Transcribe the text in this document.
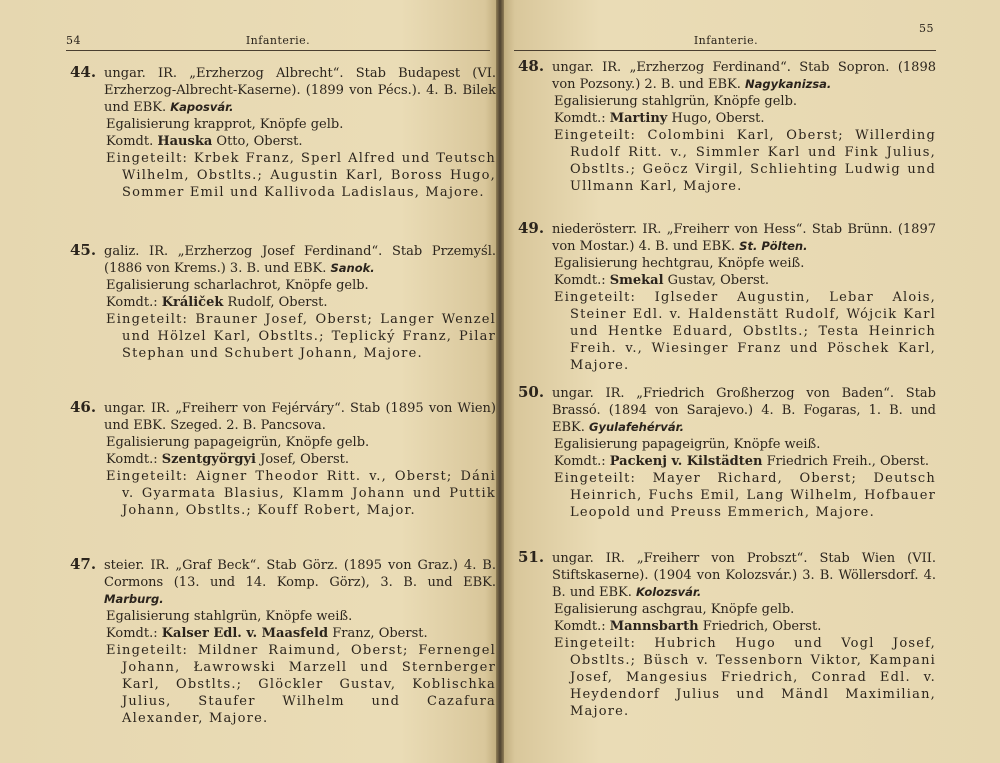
54	Infanterie.
44. ungar. IR. „Erzherzog Albrecht“. Stab Budapest (VI. Erzherzog-Albrecht-Kaserne). (1899 von Pécs.). 4. B. Bilek und EBK. Kaposvár.
Egalisierung krapprot, Knöpfe gelb.
Komdt. Hauska Otto, Oberst.
Eingeteilt: Krbek Franz, Sperl Alfred und Teutsch Wilhelm, Obstlts.; Augustin Karl, Boross Hugo, Sommer Emil und Kallivoda Ladislaus, Majore.
45. galiz. IR. „Erzherzog Josef Ferdinand“. Stab Przemyśl. (1886 von Krems.) 3. B. und EBK. Sanok.
Egalisierung scharlachrot, Knöpfe gelb.
Komdt.: Králiček Rudolf, Oberst.
Eingeteilt: Brauner Josef, Oberst; Langer Wenzel und Hölzel Karl, Obstlts.; Teplický Franz, Pilar Stephan und Schubert Johann, Majore.
46. ungar. IR. „Freiherr von Fejérváry“. Stab (1895 von Wien) und EBK. Szeged. 2. B. Pancsova.
Egalisierung papageigrün, Knöpfe gelb.
Komdt.: Szentgyörgyi Josef, Oberst.
Eingeteilt: Aigner Theodor Ritt. v., Oberst; Dáni v. Gyarmata Blasius, Klamm Johann und Puttik Johann, Obstlts.; Kouff Robert, Major.
47. steier. IR. „Graf Beck“. Stab Görz. (1895 von Graz.) 4. B. Cormons (13. und 14. Komp. Görz), 3. B. und EBK. Marburg.
Egalisierung stahlgrün, Knöpfe weiß.
Komdt.: Kalser Edl. v. Maasfeld Franz, Oberst.
Eingeteilt: Mildner Raimund, Oberst; Fernengel Johann, Ławrowski Marzell und Sternberger Karl, Obstlts.; Glöckler Gustav, Koblischka Julius, Staufer Wilhelm und Cazafura Alexander, Majore.
Infanterie.
55
48. ungar. IR. „Erzherzog Ferdinand“. Stab Sopron. (1898 von Pozsony.) 2. B. und EBK. Nagykanizsa.
Egalisierung stahlgrün, Knöpfe gelb.
Komdt.: Martiny Hugo, Oberst.
Eingeteilt: Colombini Karl, Oberst; Willerding Rudolf Ritt. v., Simmler Karl und Fink Julius, Obstlts.; Geöcz Virgil, Schliehting Ludwig und Ullmann Karl, Majore.
49. niederösterr. IR. „Freiherr von Hess“. Stab Brünn. (1897 von Mostar.) 4. B. und EBK. St. Pölten.
Egalisierung hechtgrau, Knöpfe weiß.
Komdt.: Smekal Gustav, Oberst.
Eingeteilt: Iglseder Augustin, Lebar Alois, Steiner Edl. v. Haldenstätt Rudolf, Wójcik Karl und Hentke Eduard, Obstlts.; Testa Heinrich Freih. v., Wiesinger Franz und Pöschek Karl, Majore.
50. ungar. IR. „Friedrich Großherzog von Baden“. Stab Brassó. (1894 von Sarajevo.) 4. B. Fogaras, 1. B. und EBK. Gyulafehérvár.
Egalisierung papageigrün, Knöpfe weiß.
Komdt.: Packenj v. Kilstädten Friedrich Freih., Oberst.
Eingeteilt: Mayer Richard, Oberst; Deutsch Heinrich, Fuchs Emil, Lang Wilhelm, Hofbauer Leopold und Preuss Emmerich, Majore.
51. ungar. IR. „Freiherr von Probszt“. Stab Wien (VII. Stiftskaserne). (1904 von Kolozsvár.) 3. B. Wöllersdorf. 4. B. und EBK. Kolozsvár.
Egalisierung aschgrau, Knöpfe gelb.
Komdt.: Mannsbarth Friedrich, Oberst.
Eingeteilt: Hubrich Hugo und Vogl Josef, Obstlts.; Büsch v. Tessenborn Viktor, Kampani Josef, Mangesius Friedrich, Conrad Edl. v. Heydendorf Julius und Mändl Maximilian, Majore.
